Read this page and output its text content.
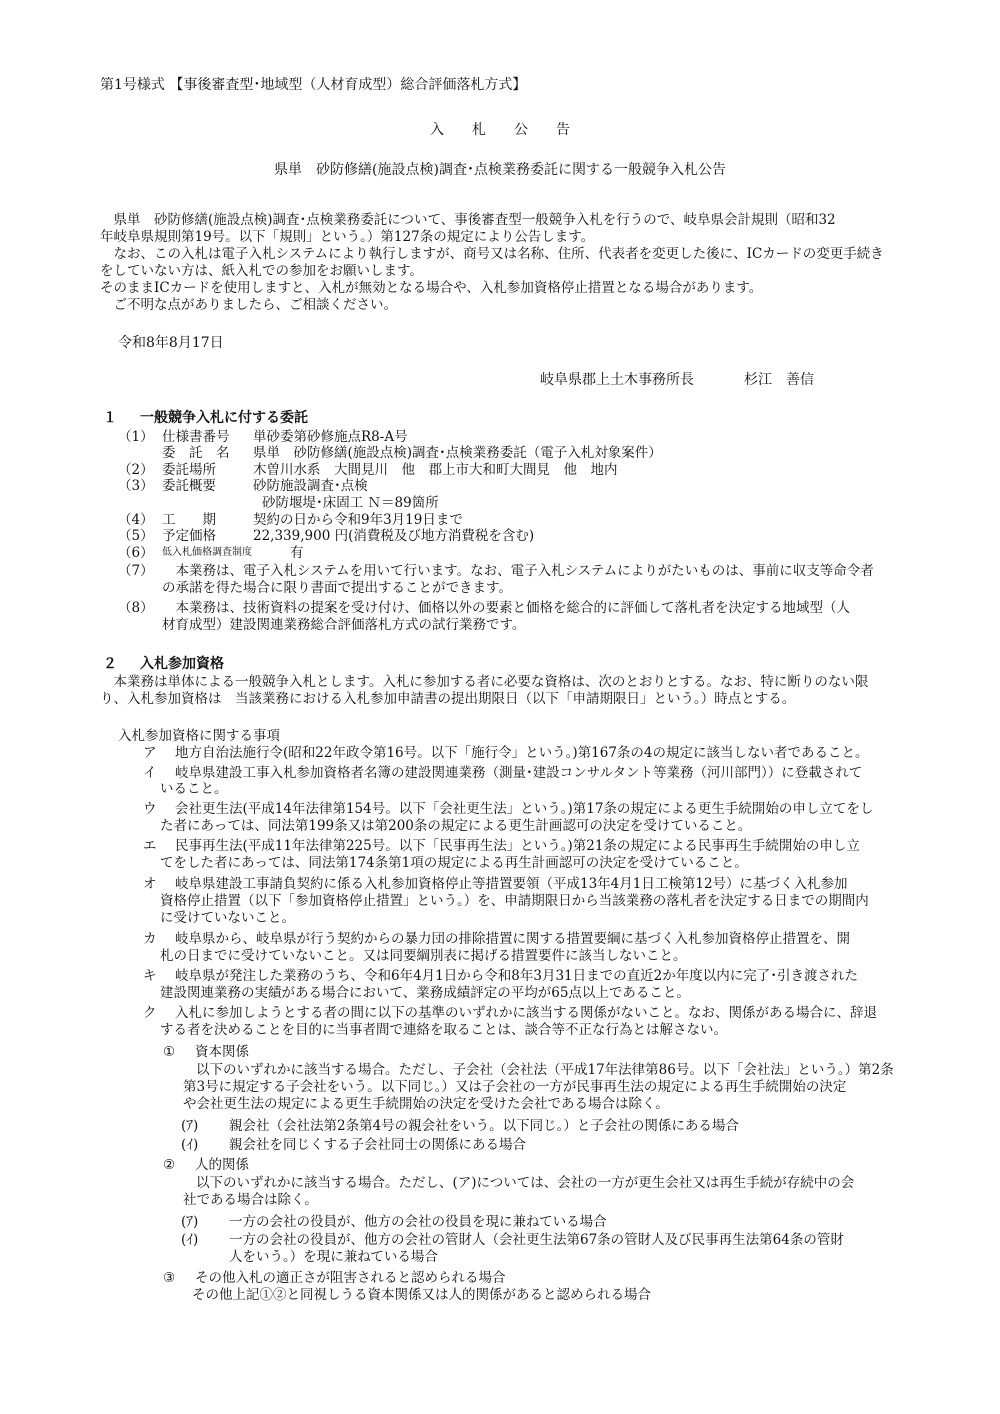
第1号様式 【事後審査型･地域型（人材育成型）総合評価落札方式】
入　　札　　公　　告
県単　砂防修繕(施設点検)調査･点検業務委託に関する一般競争入札公告
　県単　砂防修繕(施設点検)調査･点検業務委託について、事後審査型一般競争入札を行うので、岐阜県会計規則（昭和32
年岐阜県規則第19号。以下「規則」という。）第127条の規定により公告します。
　なお、この入札は電子入札システムにより執行しますが、商号又は名称、住所、代表者を変更した後に、ICカードの変更手続き
をしていない方は、紙入札での参加をお願いします。
そのままICカードを使用しますと、入札が無効となる場合や、入札参加資格停止措置となる場合があります。
　ご不明な点がありましたら、ご相談ください。
令和8年8月17日
岐阜県郡上土木事務所長	杉江　善信
１ 一般競争入札に付する委託
（1） 仕様書番号 単砂委第砂修施点R8-A号
委　託　名 県単　砂防修繕(施設点検)調査･点検業務委託（電子入札対象案件）
（2） 委託場所	木曽川水系　大間見川　他　郡上市大和町大間見　他　地内
（3） 委託概要	砂防施設調査･点検
砂防堰堤･床固工 Ｎ＝89箇所
（4） 工　　期	契約の日から令和9年3月19日まで
（5） 予定価格	22,339,900 円(消費税及び地方消費税を含む)
（6） 低入札価格調査制度	有
（7） 　本業務は、電子入札システムを用いて行います。なお、電子入札システムによりがたいものは、事前に収支等命令者
の承諾を得た場合に限り書面で提出することができます。
（8） 　本業務は、技術資料の提案を受け付け、価格以外の要素と価格を総合的に評価して落札者を決定する地域型（人
材育成型）建設関連業務総合評価落札方式の試行業務です。
２ 入札参加資格
　本業務は単体による一般競争入札とします。入札に参加する者に必要な資格は、次のとおりとする。なお、特に断りのない限
り、入札参加資格は　当該業務における入札参加申請書の提出期限日（以下「申請期限日」という。）時点とする。
入札参加資格に関する事項
ア 地方自治法施行令(昭和22年政令第16号。以下「施行令」という。)第167条の4の規定に該当しない者であること。
イ 岐阜県建設工事入札参加資格者名簿の建設関連業務（測量･建設コンサルタント等業務（河川部門））に登載されて
いること。
ウ 会社更生法(平成14年法律第154号。以下「会社更生法」という。)第17条の規定による更生手続開始の申し立てをし
た者にあっては、同法第199条又は第200条の規定による更生計画認可の決定を受けていること。
エ 民事再生法(平成11年法律第225号。以下「民事再生法」という。)第21条の規定による民事再生手続開始の申し立
てをした者にあっては、同法第174条第1項の規定による再生計画認可の決定を受けていること。
オ 岐阜県建設工事請負契約に係る入札参加資格停止等措置要領（平成13年4月1日工検第12号）に基づく入札参加
資格停止措置（以下「参加資格停止措置」という。）を、申請期限日から当該業務の落札者を決定する日までの期間内
に受けていないこと。
カ 岐阜県から、岐阜県が行う契約からの暴力団の排除措置に関する措置要綱に基づく入札参加資格停止措置を、開
札の日までに受けていないこと。又は同要綱別表に掲げる措置要件に該当しないこと。
キ 岐阜県が発注した業務のうち、令和6年4月1日から令和8年3月31日までの直近2か年度以内に完了･引き渡された
建設関連業務の実績がある場合において、業務成績評定の平均が65点以上であること。
ク 入札に参加しようとする者の間に以下の基準のいずれかに該当する関係がないこと。なお、関係がある場合に、辞退
する者を決めることを目的に当事者間で連絡を取ることは、談合等不正な行為とは解さない。
① 資本関係
以下のいずれかに該当する場合。ただし、子会社（会社法（平成17年法律第86号。以下「会社法」という。）第2条
第3号に規定する子会社をいう。以下同じ。）又は子会社の一方が民事再生法の規定による再生手続開始の決定
や会社更生法の規定による更生手続開始の決定を受けた会社である場合は除く。
(ｱ) 親会社（会社法第2条第4号の親会社をいう。以下同じ。）と子会社の関係にある場合
(ｲ) 親会社を同じくする子会社同士の関係にある場合
② 人的関係
以下のいずれかに該当する場合。ただし、(ア)については、会社の一方が更生会社又は再生手続が存続中の会
社である場合は除く。
(ｱ) 一方の会社の役員が、他方の会社の役員を現に兼ねている場合
(ｲ) 一方の会社の役員が、他方の会社の管財人（会社更生法第67条の管財人及び民事再生法第64条の管財
人をいう。）を現に兼ねている場合
③ その他入札の適正さが阻害されると認められる場合
その他上記①②と同視しうる資本関係又は人的関係があると認められる場合
